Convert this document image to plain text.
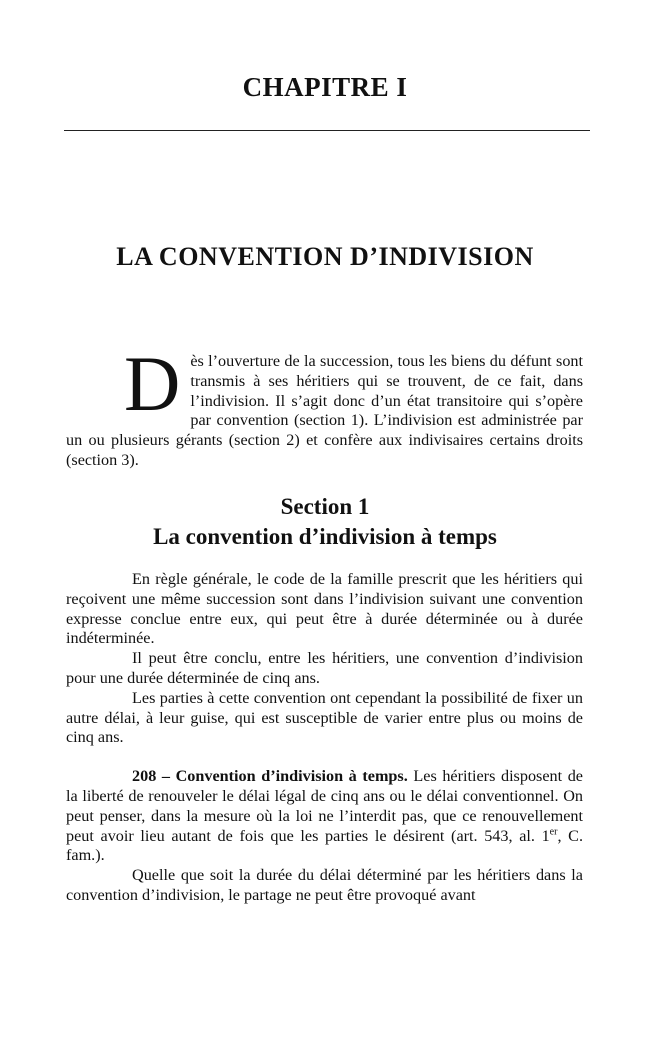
CHAPITRE I
LA CONVENTION D’INDIVISION
Dès l’ouverture de la succession, tous les biens du défunt sont transmis à ses héritiers qui se trouvent, de ce fait, dans l’indivision. Il s’agit donc d’un état transitoire qui s’opère par convention (section 1). L’indivision est administrée par un ou plusieurs gérants (section 2) et confère aux indivisaires certains droits (section 3).
Section 1
La convention d’indivision à temps

En règle générale, le code de la famille prescrit que les héritiers qui reçoivent une même succession sont dans l’indivision suivant une convention expresse conclue entre eux, qui peut être à durée déterminée ou à durée indéterminée.

Il peut être conclu, entre les héritiers, une convention d’indivision pour une durée déterminée de cinq ans.

Les parties à cette convention ont cependant la possibilité de fixer un autre délai, à leur guise, qui est susceptible de varier entre plus ou moins de cinq ans.

208 – Convention d’indivision à temps. Les héritiers disposent de la liberté de renouveler le délai légal de cinq ans ou le délai conventionnel. On peut penser, dans la mesure où la loi ne l’interdit pas, que ce renouvellement peut avoir lieu autant de fois que les parties le désirent (art. 543, al. 1er, C. fam.).

Quelle que soit la durée du délai déterminé par les héritiers dans la convention d’indivision, le partage ne peut être provoqué avant
